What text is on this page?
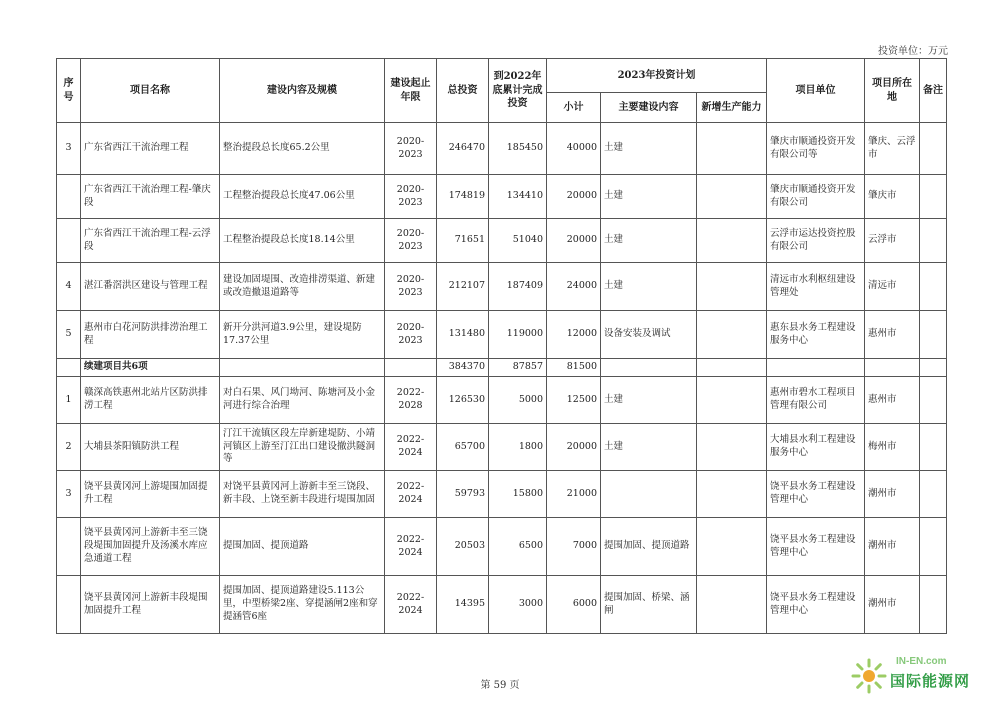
投资单位：万元
序号	项目名称	建设内容及规模	建设起止年限	总投资	到2022年底累计完成投资	2023年投资计划			项目单位	项目所在地	备注
						小计	主要建设内容	新增生产能力			
3	广东省西江干流治理工程	整治提段总长度65.2公里	2020-2023	246470	185450	40000	土建		肇庆市顺通投资开发有限公司等	肇庆、云浮市	
	广东省西江干流治理工程-肇庆段	工程整治提段总长度47.06公里	2020-2023	174819	134410	20000	土建		肇庆市顺通投资开发有限公司	肇庆市	
	广东省西江干流治理工程-云浮段	工程整治提段总长度18.14公里	2020-2023	71651	51040	20000	土建		云浮市运达投资控股有限公司	云浮市	
4	湛江番滘洪区建设与管理工程	建设加固堤围、改造排涝渠道、新建或改造撤退道路等	2020-2023	212107	187409	24000	土建		清远市水利枢纽建设管理处	清远市	
5	惠州市白花河防洪排涝治理工程	新开分洪河道3.9公里，建设堤防17.37公里	2020-2023	131480	119000	12000	设备安装及调试		惠东县水务工程建设服务中心	惠州市	
	续建项目共6项			384370	87857	81500					
1	赣深高铁惠州北站片区防洪排涝工程	对白石果、风门坳河、陈塘河及小金河进行综合治理	2022-2028	126530	5000	12500	土建		惠州市碧水工程项目管理有限公司	惠州市	
2	大埔县茶阳镇防洪工程	汀江干流镇区段左岸新建堤防、小靖河镇区上游至汀江出口建设撤洪隧洞等	2022-2024	65700	1800	20000	土建		大埔县水利工程建设服务中心	梅州市	
3	饶平县黄冈河上游堤围加固提升工程	对饶平县黄冈河上游新丰至三饶段、新丰段、上饶至新丰段进行堤围加固	2022-2024	59793	15800	21000			饶平县水务工程建设管理中心	潮州市	
	饶平县黄冈河上游新丰至三饶段堤围加固提升及汤溪水库应急通道工程	提围加固、提顶道路	2022-2024	20503	6500	7000	提围加固、提顶道路		饶平县水务工程建设管理中心	潮州市	
	饶平县黄冈河上游新丰段堤围加固提升工程	提围加固、提顶道路建设5.113公里，中型桥梁2座、穿提涵闸2座和穿提涵管6座	2022-2024	14395	3000	6000	提围加固、桥梁、涵闸		饶平县水务工程建设管理中心	潮州市	
第 59 页
IN-EN.com
国际能源网
